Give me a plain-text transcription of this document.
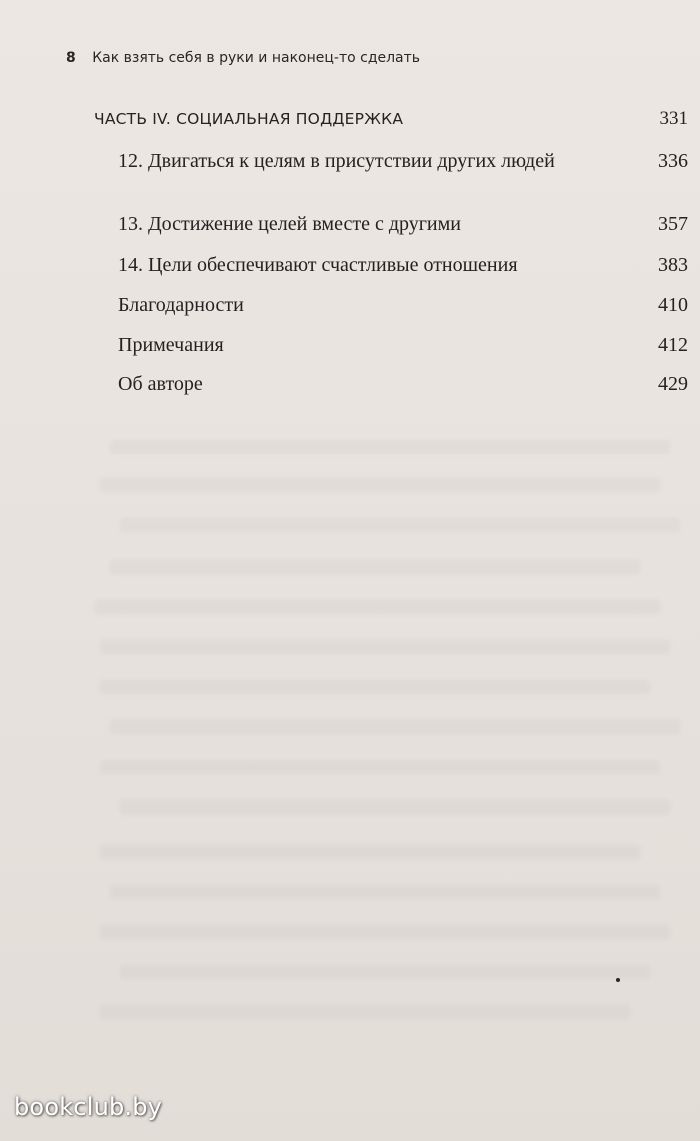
8 Как взять себя в руки и наконец-то сделать
ЧАСТЬ IV. СОЦИАЛЬНАЯ ПОДДЕРЖКА	331
12. Двигаться к целям в присутствии других людей	336
13. Достижение целей вместе с другими	357
14. Цели обеспечивают счастливые отношения	383
Благодарности	410
Примечания	412
Об авторе	429
bookclub.by
